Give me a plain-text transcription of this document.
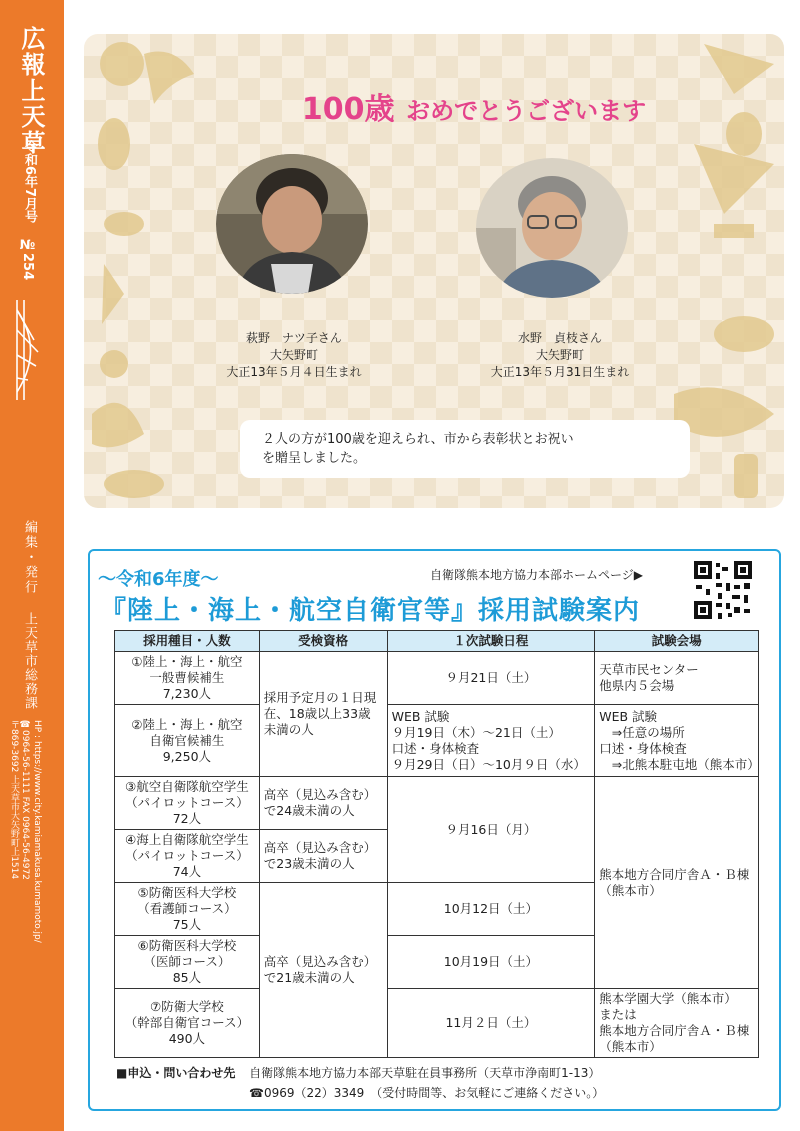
広報上天草
令和6年7月号
№254
編集・発行
上天草市総務課
〒869-3692 上天草市大矢野町上1514 ☎0964-56-1111 FAX 0964-56-4972 HP : https://www.city.kamiamakusa.kumamoto.jp/
100歳 おめでとうございます
萩野　ナツ子さん
大矢野町
大正13年５月４日生まれ
水野　貞枝さん
大矢野町
大正13年５月31日生まれ
２人の方が100歳を迎えられ、市から表彰状とお祝い
を贈呈しました。
～令和6年度～
『陸上・海上・航空自衛官等』採用試験案内
自衛隊熊本地方協力本部ホームページ▶
採用種目・人数	受検資格	１次試験日程	試験会場
①陸上・海上・航空
一般曹候補生
7,230人	採用予定月の１日現在、18歳以上33歳未満の人	９月21日（土）	天草市民センター
他県内５会場
②陸上・海上・航空
自衛官候補生
9,250人		WEB 試験
９月19日（木）～21日（土）
口述・身体検査
９月29日（日）～10月９日（水）	WEB 試験
　⇒任意の場所
口述・身体検査
　⇒北熊本駐屯地（熊本市）
③航空自衛隊航空学生
（パイロットコース）
72人	高卒（見込み含む）で24歳未満の人	９月16日（月）	熊本地方合同庁舎Ａ・Ｂ棟（熊本市）
④海上自衛隊航空学生
（パイロットコース）
74人	高卒（見込み含む）で23歳未満の人		
⑤防衛医科大学校
（看護師コース）
75人	高卒（見込み含む）で21歳未満の人	10月12日（土）	
⑥防衛医科大学校
（医師コース）
85人		10月19日（土）	
⑦防衛大学校
（幹部自衛官コース）
490人		11月２日（土）	熊本学園大学（熊本市）
または
熊本地方合同庁舎Ａ・Ｂ棟（熊本市）
■申込・問い合わせ先 自衛隊熊本地方協力本部天草駐在員事務所（天草市浄南町1-13）
☎0969（22）3349　（受付時間等、お気軽にご連絡ください。）
